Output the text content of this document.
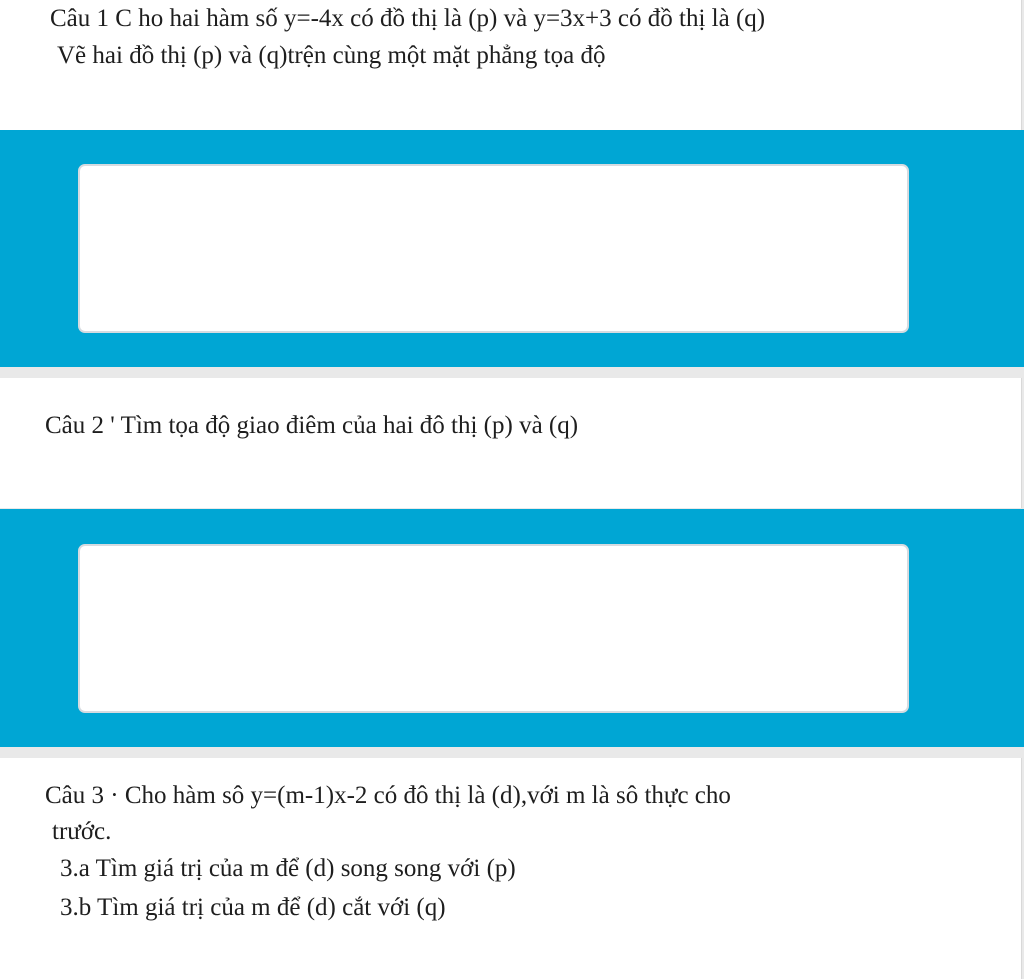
Câu 1 C ho hai hàm số y=-4x có đồ thị là (p) và y=3x+3 có đồ thị là (q)

Vẽ hai đồ thị (p) và (q)trện cùng một mặt phẳng tọa độ

Câu 2 ' Tìm tọa độ giao điêm của hai đô thị (p) và (q)

Câu 3 · Cho hàm sô y=(m-1)x-2 có đô thị là (d),với m là sô thực cho

trước.

3.a Tìm giá trị của m để (d) song song với (p)

3.b Tìm giá trị của m để (d) cắt với (q)
